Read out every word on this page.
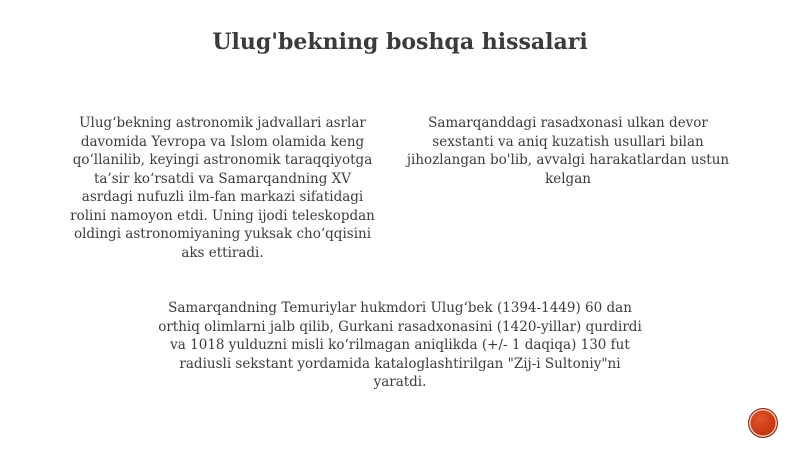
Ulug'bekning boshqa hissalari
Ulug‘bekning astronomik jadvallari asrlar
davomida Yevropa va Islom olamida keng
qo‘llanilib, keyingi astronomik taraqqiyotga
ta’sir ko‘rsatdi va Samarqandning XV
asrdagi nufuzli ilm-fan markazi sifatidagi
rolini namoyon etdi. Uning ijodi teleskopdan
oldingi astronomiyaning yuksak cho‘qqisini
aks ettiradi.
Samarqanddagi rasadxonasi ulkan devor
sexstanti va aniq kuzatish usullari bilan
jihozlangan bo'lib, avvalgi harakatlardan ustun
kelgan
Samarqandning Temuriylar hukmdori Ulug‘bek (1394-1449) 60 dan
orthiq olimlarni jalb qilib, Gurkani rasadxonasini (1420-yillar) qurdirdi
va 1018 yulduzni misli ko‘rilmagan aniqlikda (+/- 1 daqiqa) 130 fut
radiusli sekstant yordamida kataloglashtirilgan "Zij-i Sultoniy"ni
yaratdi.
